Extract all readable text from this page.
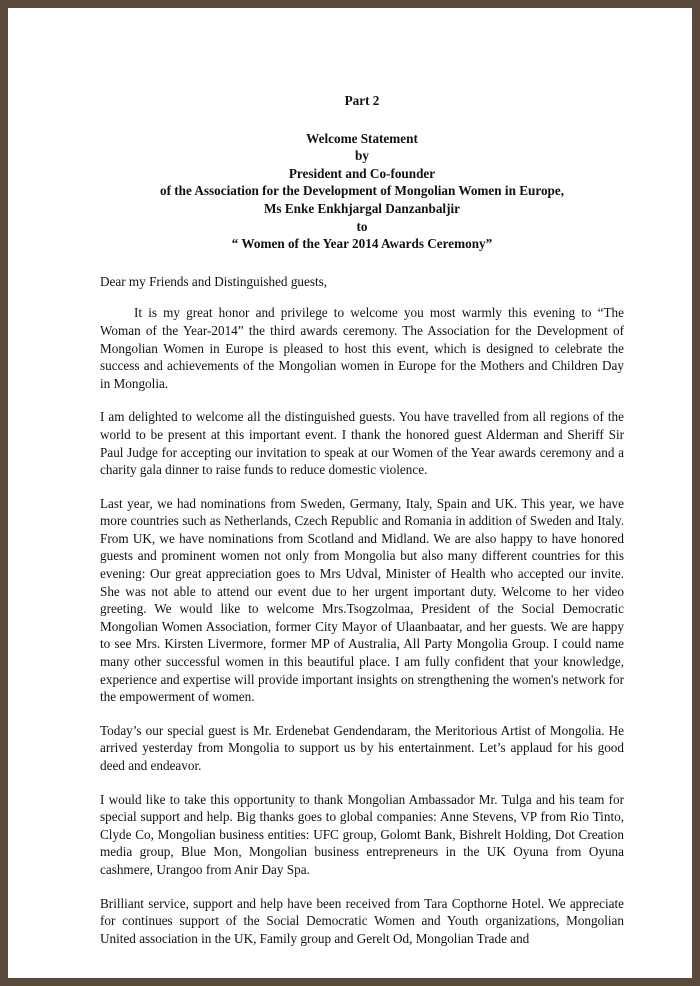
Part 2
Welcome Statement
by
President and Co-founder
of the Association for the Development of Mongolian Women in Europe,
Ms Enke Enkhjargal Danzanbaljir
to
“ Women of the Year 2014 Awards Ceremony”
Dear my Friends and Distinguished guests,

It is my great honor and privilege to welcome you most warmly this evening to “The Woman of the Year-2014” the third awards ceremony. The Association for the Development of Mongolian Women in Europe is pleased to host this event, which is designed to celebrate the success and achievements of the Mongolian women in Europe for the Mothers and Children Day in Mongolia.

I am delighted to welcome all the distinguished guests. You have travelled from all regions of the world to be present at this important event. I thank the honored guest Alderman and Sheriff Sir Paul Judge for accepting our invitation to speak at our Women of the Year awards ceremony and a charity gala dinner to raise funds to reduce domestic violence.

Last year, we had nominations from Sweden, Germany, Italy, Spain and UK. This year, we have more countries such as Netherlands, Czech Republic and Romania in addition of Sweden and Italy. From UK, we have nominations from Scotland and Midland. We are also happy to have honored guests and prominent women not only from Mongolia but also many different countries for this evening: Our great appreciation goes to Mrs Udval, Minister of Health who accepted our invite. She was not able to attend our event due to her urgent important duty. Welcome to her video greeting. We would like to welcome Mrs.Tsogzolmaa, President of the Social Democratic Mongolian Women Association, former City Mayor of Ulaanbaatar, and her guests. We are happy to see Mrs. Kirsten Livermore, former MP of Australia, All Party Mongolia Group. I could name many other successful women in this beautiful place. I am fully confident that your knowledge, experience and expertise will provide important insights on strengthening the women's network for the empowerment of women.

Today’s our special guest is Mr. Erdenebat Gendendaram, the Meritorious Artist of Mongolia. He arrived yesterday from Mongolia to support us by his entertainment. Let’s applaud for his good deed and endeavor.

I would like to take this opportunity to thank Mongolian Ambassador Mr. Tulga and his team for special support and help. Big thanks goes to global companies: Anne Stevens, VP from Rio Tinto, Clyde Co, Mongolian business entities: UFC group, Golomt Bank, Bishrelt Holding, Dot Creation media group, Blue Mon, Mongolian business entrepreneurs in the UK Oyuna from Oyuna cashmere, Urangoo from Anir Day Spa.

Brilliant service, support and help have been received from Tara Copthorne Hotel. We appreciate for continues support of the Social Democratic Women and Youth organizations, Mongolian United association in the UK, Family group and Gerelt Od, Mongolian Trade and
